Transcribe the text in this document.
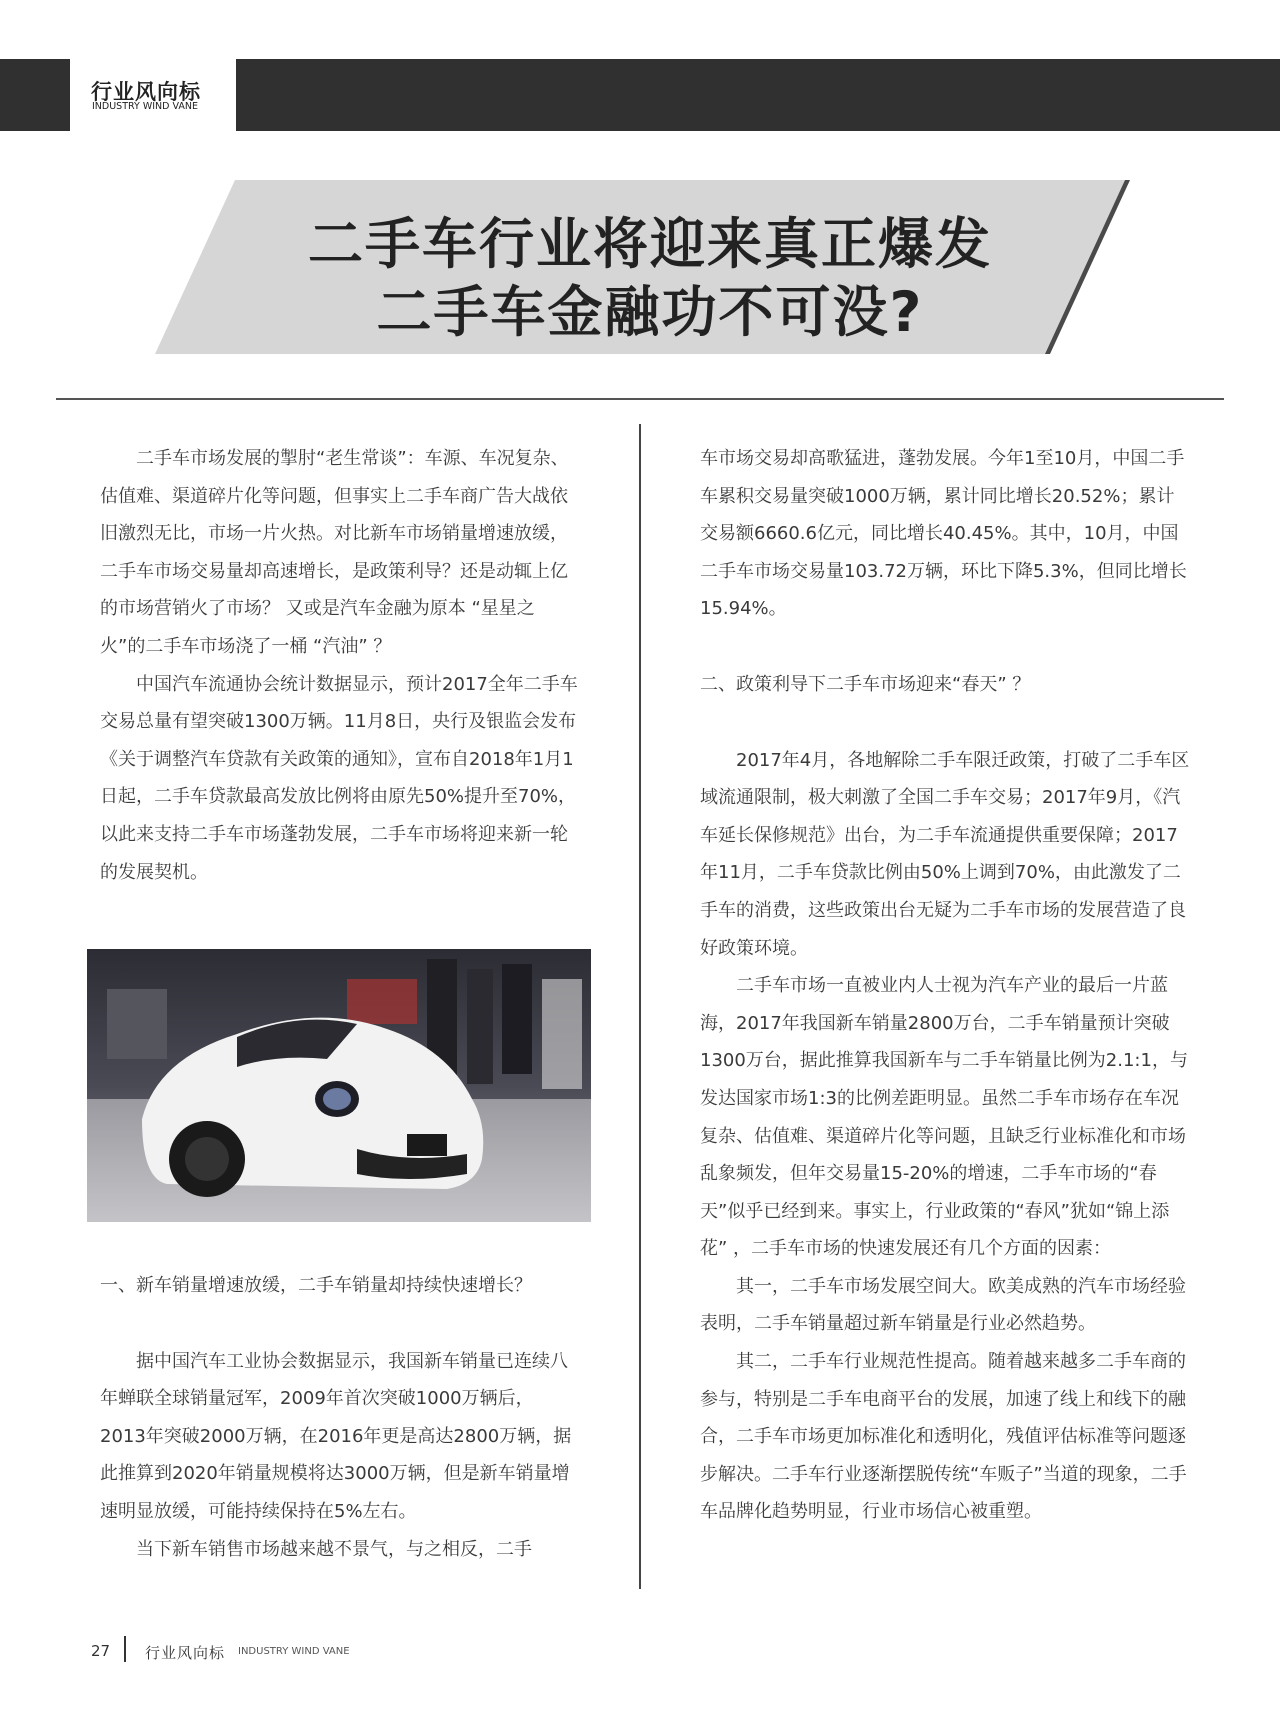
行业风向标
INDUSTRY WIND VANE
二手车行业将迎来真正爆发
二手车金融功不可没?

二手车市场发展的掣肘“老生常谈”：车源、车况复杂、估值难、渠道碎片化等问题，但事实上二手车商广告大战依旧激烈无比，市场一片火热。对比新车市场销量增速放缓，二手车市场交易量却高速增长，是政策利导？还是动辄上亿的市场营销火了市场？ 又或是汽车金融为原本 “星星之火”的二手车市场浇了一桶 “汽油” ？

中国汽车流通协会统计数据显示，预计2017全年二手车交易总量有望突破1300万辆。11月8日，央行及银监会发布《关于调整汽车贷款有关政策的通知》，宣布自2018年1月1日起，二手车贷款最高发放比例将由原先50%提升至70%，以此来支持二手车市场蓬勃发展，二手车市场将迎来新一轮的发展契机。

一、新车销量增速放缓，二手车销量却持续快速增长？

据中国汽车工业协会数据显示，我国新车销量已连续八年蝉联全球销量冠军，2009年首次突破1000万辆后， 2013年突破2000万辆，在2016年更是高达2800万辆，据此推算到2020年销量规模将达3000万辆，但是新车销量增速明显放缓，可能持续保持在5%左右。

当下新车销售市场越来越不景气，与之相反，二手

车市场交易却高歌猛进，蓬勃发展。今年1至10月，中国二手车累积交易量突破1000万辆，累计同比增长20.52%；累计交易额6660.6亿元，同比增长40.45%。其中，10月，中国二手车市场交易量103.72万辆，环比下降5.3%，但同比增长15.94%。

二、政策利导下二手车市场迎来“春天” ？

2017年4月，各地解除二手车限迁政策，打破了二手车区域流通限制，极大刺激了全国二手车交易；2017年9月，《汽车延长保修规范》出台，为二手车流通提供重要保障；2017年11月，二手车贷款比例由50%上调到70%，由此激发了二手车的消费，这些政策出台无疑为二手车市场的发展营造了良好政策环境。

二手车市场一直被业内人士视为汽车产业的最后一片蓝海，2017年我国新车销量2800万台，二手车销量预计突破1300万台，据此推算我国新车与二手车销量比例为2.1:1，与发达国家市场1:3的比例差距明显。虽然二手车市场存在车况复杂、估值难、渠道碎片化等问题，且缺乏行业标准化和市场乱象频发，但年交易量15-20%的增速，二手车市场的“春天”似乎已经到来。事实上，行业政策的“春风”犹如“锦上添花” ，二手车市场的快速发展还有几个方面的因素：

其一，二手车市场发展空间大。欧美成熟的汽车市场经验表明，二手车销量超过新车销量是行业必然趋势。

其二，二手车行业规范性提高。随着越来越多二手车商的参与，特别是二手车电商平台的发展，加速了线上和线下的融合，二手车市场更加标准化和透明化，残值评估标准等问题逐步解决。二手车行业逐渐摆脱传统“车贩子”当道的现象，二手车品牌化趋势明显，行业市场信心被重塑。

27 行业风向标 INDUSTRY WIND VANE
